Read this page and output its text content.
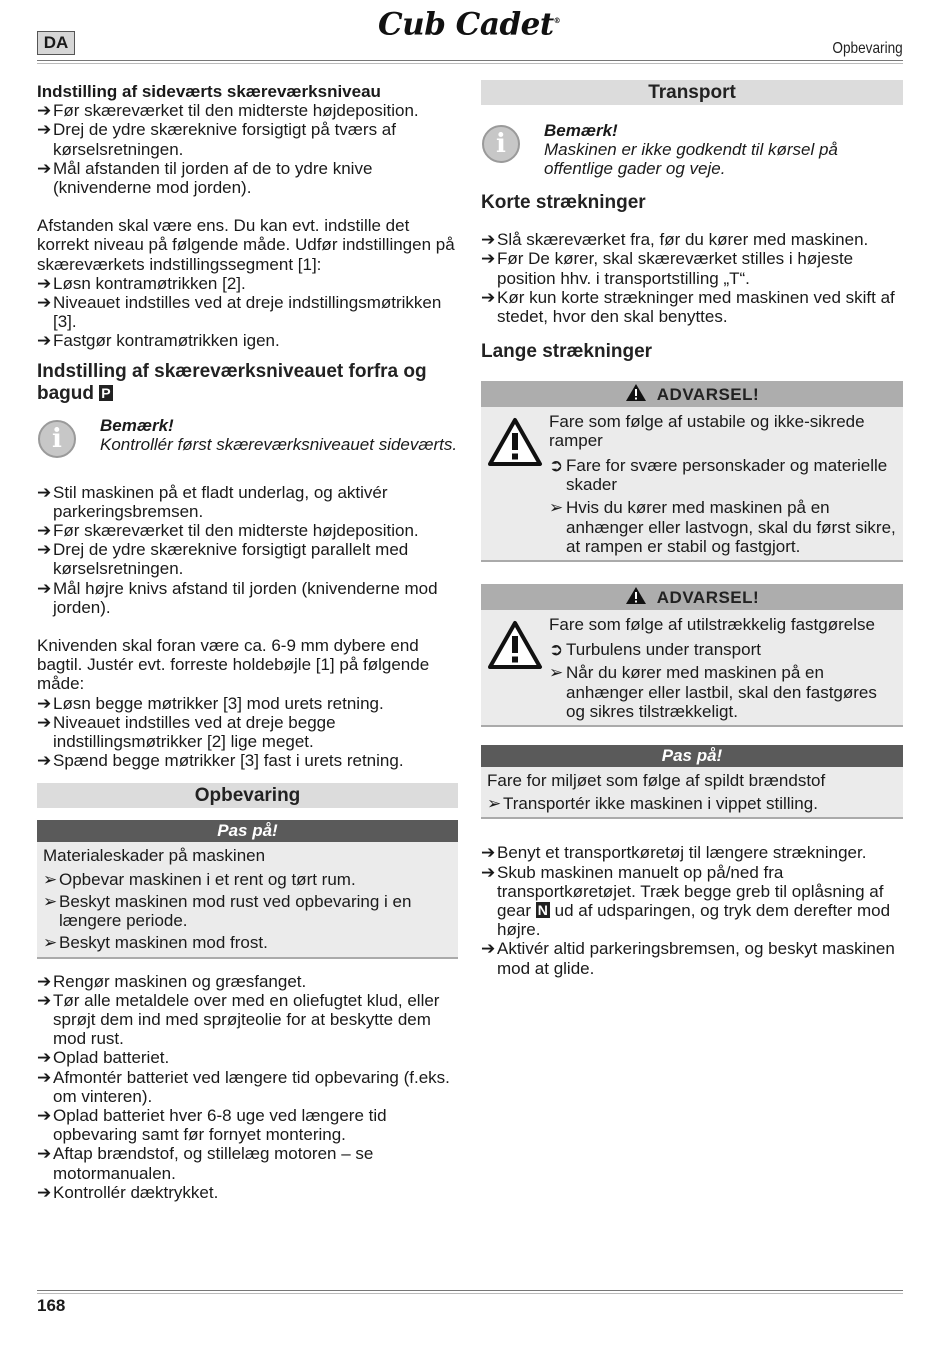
DA
Cub Cadet®
Opbevaring

Indstilling af sideværts skæreværksniveau

➔ Før skæreværket til den midterste højdeposition.
➔ Drej de ydre skæreknive forsigtigt på tværs af kørselsretningen.
➔ Mål afstanden til jorden af de to ydre knive (knivenderne mod jorden).

Afstanden skal være ens. Du kan evt. indstille det korrekt niveau på følgende måde. Udfør indstillingen på skæreværkets indstillingssegment [1]:

➔ Løsn kontramøtrikken [2].
➔ Niveauet indstilles ved at dreje indstillingsmøtrikken [3].
➔ Fastgør kontramøtrikken igen.

Indstilling af skæreværksniveauet forfra og bagud P

i	Bemærk!

Kontrollér først skæreværksniveauet sideværts.

➔ Stil maskinen på et fladt underlag, og aktivér parkeringsbremsen.
➔ Før skæreværket til den midterste højdeposition.
➔ Drej de ydre skæreknive forsigtigt parallelt med kørselsretningen.
➔ Mål højre knivs afstand til jorden (knivenderne mod jorden).

Knivenden skal foran være ca. 6-9 mm dybere end bagtil. Justér evt. forreste holdebøjle [1] på følgende måde:

➔ Løsn begge møtrikker [3] mod urets retning.
➔ Niveauet indstilles ved at dreje begge indstillingsmøtrikker [2] lige meget.
➔ Spænd begge møtrikker [3] fast i urets retning.
Opbevaring
Pas på!

Materialeskader på maskinen

➢ Opbevar maskinen i et rent og tørt rum.
➢ Beskyt maskinen mod rust ved opbevaring i en længere periode.
➢ Beskyt maskinen mod frost.
➔ Rengør maskinen og græsfanget.
➔ Tør alle metaldele over med en oliefugtet klud, eller sprøjt dem ind med sprøjteolie for at beskytte dem mod rust.
➔ Oplad batteriet.
➔ Afmontér batteriet ved længere tid opbevaring (f.eks. om vinteren).
➔ Oplad batteriet hver 6-8 uge ved længere tid opbevaring samt før fornyet montering.
➔ Aftap brændstof, og stillelæg motoren – se motormanualen.
➔ Kontrollér dæktrykket.
Transport
i	Bemærk!

Maskinen er ikke godkendt til kørsel på offentlige gader og veje.

Korte strækninger

➔ Slå skæreværket fra, før du kører med maskinen.
➔ Før De kører, skal skæreværket stilles i højeste position hhv. i transportstilling „T“.
➔ Kør kun korte strækninger med maskinen ved skift af stedet, hvor den skal benyttes.

Lange strækninger

ADVARSEL!

Fare som følge af ustabile og ikke-sikrede ramper

➲ Fare for svære personskader og materielle skader
➢ Hvis du kører med maskinen på en anhænger eller lastvogn, skal du først sikre, at rampen er stabil og fastgjort.
ADVARSEL!

Fare som følge af utilstrækkelig fastgørelse

➲ Turbulens under transport
➢ Når du kører med maskinen på en anhænger eller lastbil, skal den fastgøres og sikres tilstrækkeligt.
Pas på!

Fare for miljøet som følge af spildt brændstof

➢ Transportér ikke maskinen i vippet stilling.
➔ Benyt et transportkøretøj til længere strækninger.
➔ Skub maskinen manuelt op på/ned fra transportkøretøjet. Træk begge greb til oplåsning af gear N ud af udsparingen, og tryk dem derefter mod højre.
➔ Aktivér altid parkeringsbremsen, og beskyt maskinen mod at glide.
168
